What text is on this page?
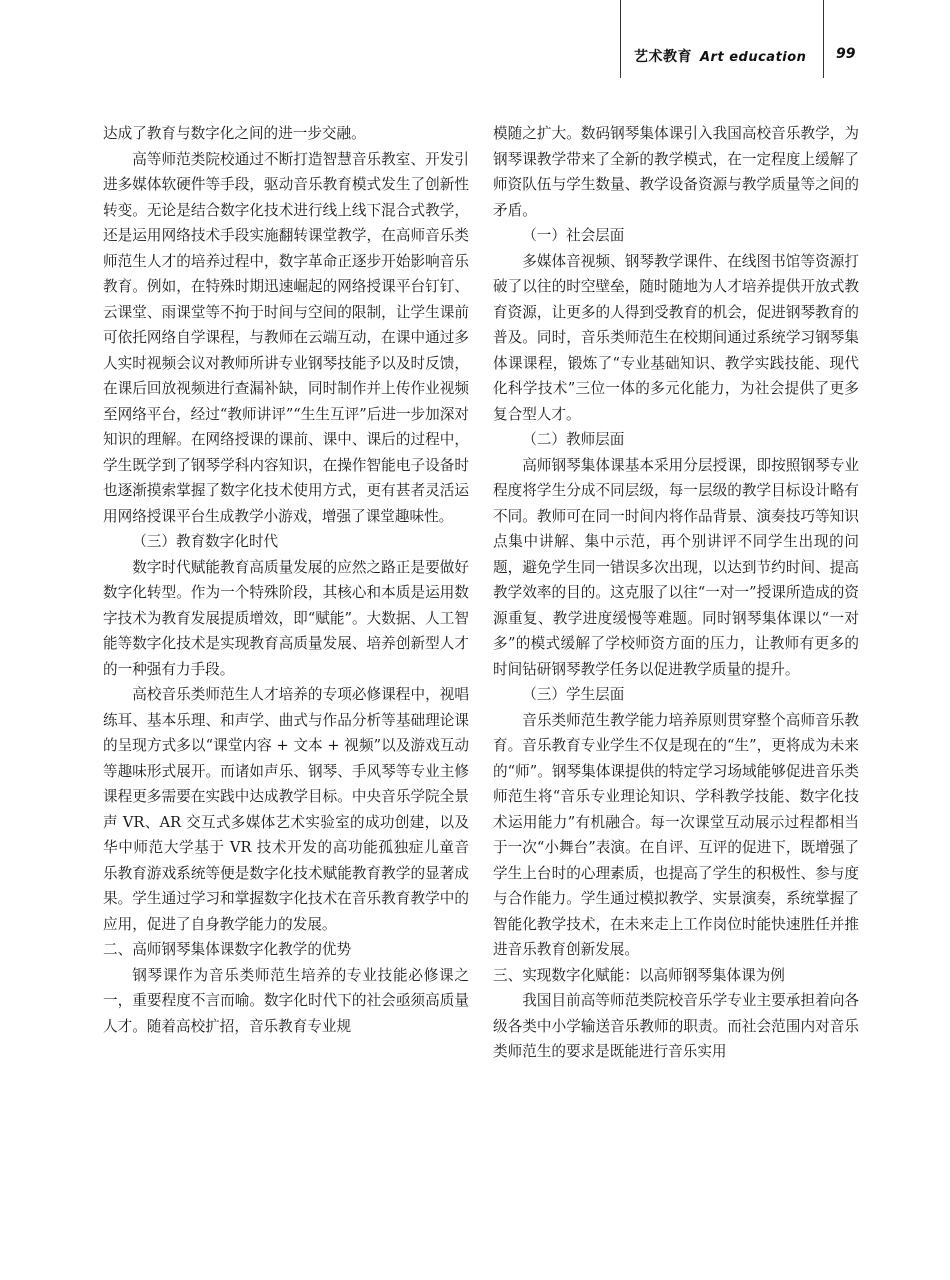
艺术教育 Art education	99

达成了教育与数字化之间的进一步交融。

高等师范类院校通过不断打造智慧音乐教室、开发引进多媒体软硬件等手段，驱动音乐教育模式发生了创新性转变。无论是结合数字化技术进行线上线下混合式教学，还是运用网络技术手段实施翻转课堂教学，在高师音乐类师范生人才的培养过程中，数字革命正逐步开始影响音乐教育。例如，在特殊时期迅速崛起的网络授课平台钉钉、云课堂、雨课堂等不拘于时间与空间的限制，让学生课前可依托网络自学课程，与教师在云端互动，在课中通过多人实时视频会议对教师所讲专业钢琴技能予以及时反馈，在课后回放视频进行查漏补缺，同时制作并上传作业视频至网络平台，经过“教师讲评”“生生互评”后进一步加深对知识的理解。在网络授课的课前、课中、课后的过程中，学生既学到了钢琴学科内容知识，在操作智能电子设备时也逐渐摸索掌握了数字化技术使用方式，更有甚者灵活运用网络授课平台生成教学小游戏，增强了课堂趣味性。

（三）教育数字化时代

数字时代赋能教育高质量发展的应然之路正是要做好数字化转型。作为一个特殊阶段，其核心和本质是运用数字技术为教育发展提质增效，即“赋能”。大数据、人工智能等数字化技术是实现教育高质量发展、培养创新型人才的一种强有力手段。

高校音乐类师范生人才培养的专项必修课程中，视唱练耳、基本乐理、和声学、曲式与作品分析等基础理论课的呈现方式多以“课堂内容 + 文本 + 视频”以及游戏互动等趣味形式展开。而诸如声乐、钢琴、手风琴等专业主修课程更多需要在实践中达成教学目标。中央音乐学院全景声 VR、AR 交互式多媒体艺术实验室的成功创建，以及华中师范大学基于 VR 技术开发的高功能孤独症儿童音乐教育游戏系统等便是数字化技术赋能教育教学的显著成果。学生通过学习和掌握数字化技术在音乐教育教学中的应用，促进了自身教学能力的发展。

二、高师钢琴集体课数字化教学的优势

钢琴课作为音乐类师范生培养的专业技能必修课之一，重要程度不言而喻。数字化时代下的社会亟须高质量人才。随着高校扩招，音乐教育专业规

模随之扩大。数码钢琴集体课引入我国高校音乐教学，为钢琴课教学带来了全新的教学模式，在一定程度上缓解了师资队伍与学生数量、教学设备资源与教学质量等之间的矛盾。

（一）社会层面

多媒体音视频、钢琴教学课件、在线图书馆等资源打破了以往的时空壁垒，随时随地为人才培养提供开放式教育资源，让更多的人得到受教育的机会，促进钢琴教育的普及。同时，音乐类师范生在校期间通过系统学习钢琴集体课课程，锻炼了“专业基础知识、教学实践技能、现代化科学技术”三位一体的多元化能力，为社会提供了更多复合型人才。

（二）教师层面

高师钢琴集体课基本采用分层授课，即按照钢琴专业程度将学生分成不同层级，每一层级的教学目标设计略有不同。教师可在同一时间内将作品背景、演奏技巧等知识点集中讲解、集中示范，再个别讲评不同学生出现的问题，避免学生同一错误多次出现，以达到节约时间、提高教学效率的目的。这克服了以往“一对一”授课所造成的资源重复、教学进度缓慢等难题。同时钢琴集体课以“一对多”的模式缓解了学校师资方面的压力，让教师有更多的时间钻研钢琴教学任务以促进教学质量的提升。

（三）学生层面

音乐类师范生教学能力培养原则贯穿整个高师音乐教育。音乐教育专业学生不仅是现在的“生”，更将成为未来的“师”。钢琴集体课提供的特定学习场域能够促进音乐类师范生将“音乐专业理论知识、学科教学技能、数字化技术运用能力”有机融合。每一次课堂互动展示过程都相当于一次“小舞台”表演。在自评、互评的促进下，既增强了学生上台时的心理素质，也提高了学生的积极性、参与度与合作能力。学生通过模拟教学、实景演奏，系统掌握了智能化教学技术，在未来走上工作岗位时能快速胜任并推进音乐教育创新发展。

三、实现数字化赋能：以高师钢琴集体课为例

我国目前高等师范类院校音乐学专业主要承担着向各级各类中小学输送音乐教师的职责。而社会范围内对音乐类师范生的要求是既能进行音乐实用
